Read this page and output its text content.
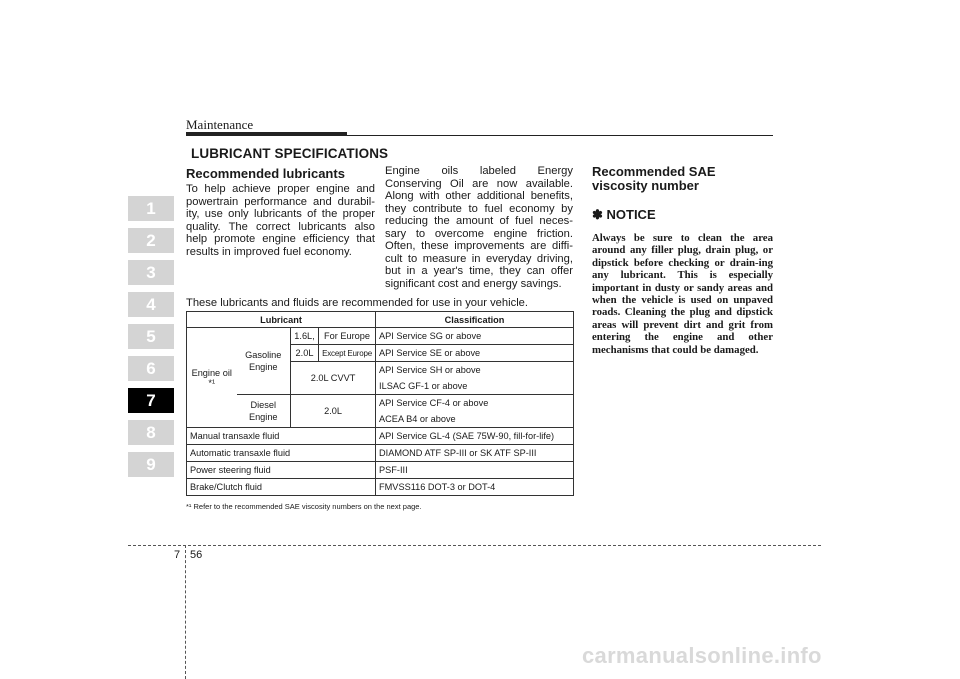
Maintenance
LUBRICANT SPECIFICATIONS
1
2
3
4
5
6
7
8
9
Recommended lubricants
To help achieve proper engine and powertrain performance and durabil-ity, use only lubricants of the proper quality. The correct lubricants also help promote engine efficiency that results in improved fuel economy.
Engine oils labeled Energy Conserving Oil are now available. Along with other additional benefits, they contribute to fuel economy by reducing the amount of fuel neces-sary to overcome engine friction. Often, these improvements are diffi-cult to measure in everyday driving, but in a year's time, they can offer significant cost and energy savings.
Recommended SAE viscosity number
✽ NOTICE
Always be sure to clean the area around any filler plug, drain plug, or dipstick before checking or drain-ing any lubricant. This is especially important in dusty or sandy areas and when the vehicle is used on unpaved roads. Cleaning the plug and dipstick areas will prevent dirt and grit from entering the engine and other mechanisms that could be damaged.
These lubricants and fluids are recommended for use in your vehicle.
Lubricant				Classification
Engine oil *¹	Gasoline Engine	1.6L,	For Europe	API Service SG or above
		2.0L	Except Europe	API Service SE or above
		2.0L CVVT		API Service SH or above
				ILSAC GF-1 or above
	Diesel Engine	2.0L		API Service CF-4 or above
				ACEA B4 or above
Manual transaxle fluid				API Service GL-4 (SAE 75W-90, fill-for-life)
Automatic transaxle fluid				DIAMOND ATF SP-III or SK ATF SP-III
Power steering fluid				PSF-III
Brake/Clutch fluid				FMVSS116 DOT-3 or DOT-4
*¹ Refer to the recommended SAE viscosity numbers on the next page.
7 56
carmanualsonline.info
